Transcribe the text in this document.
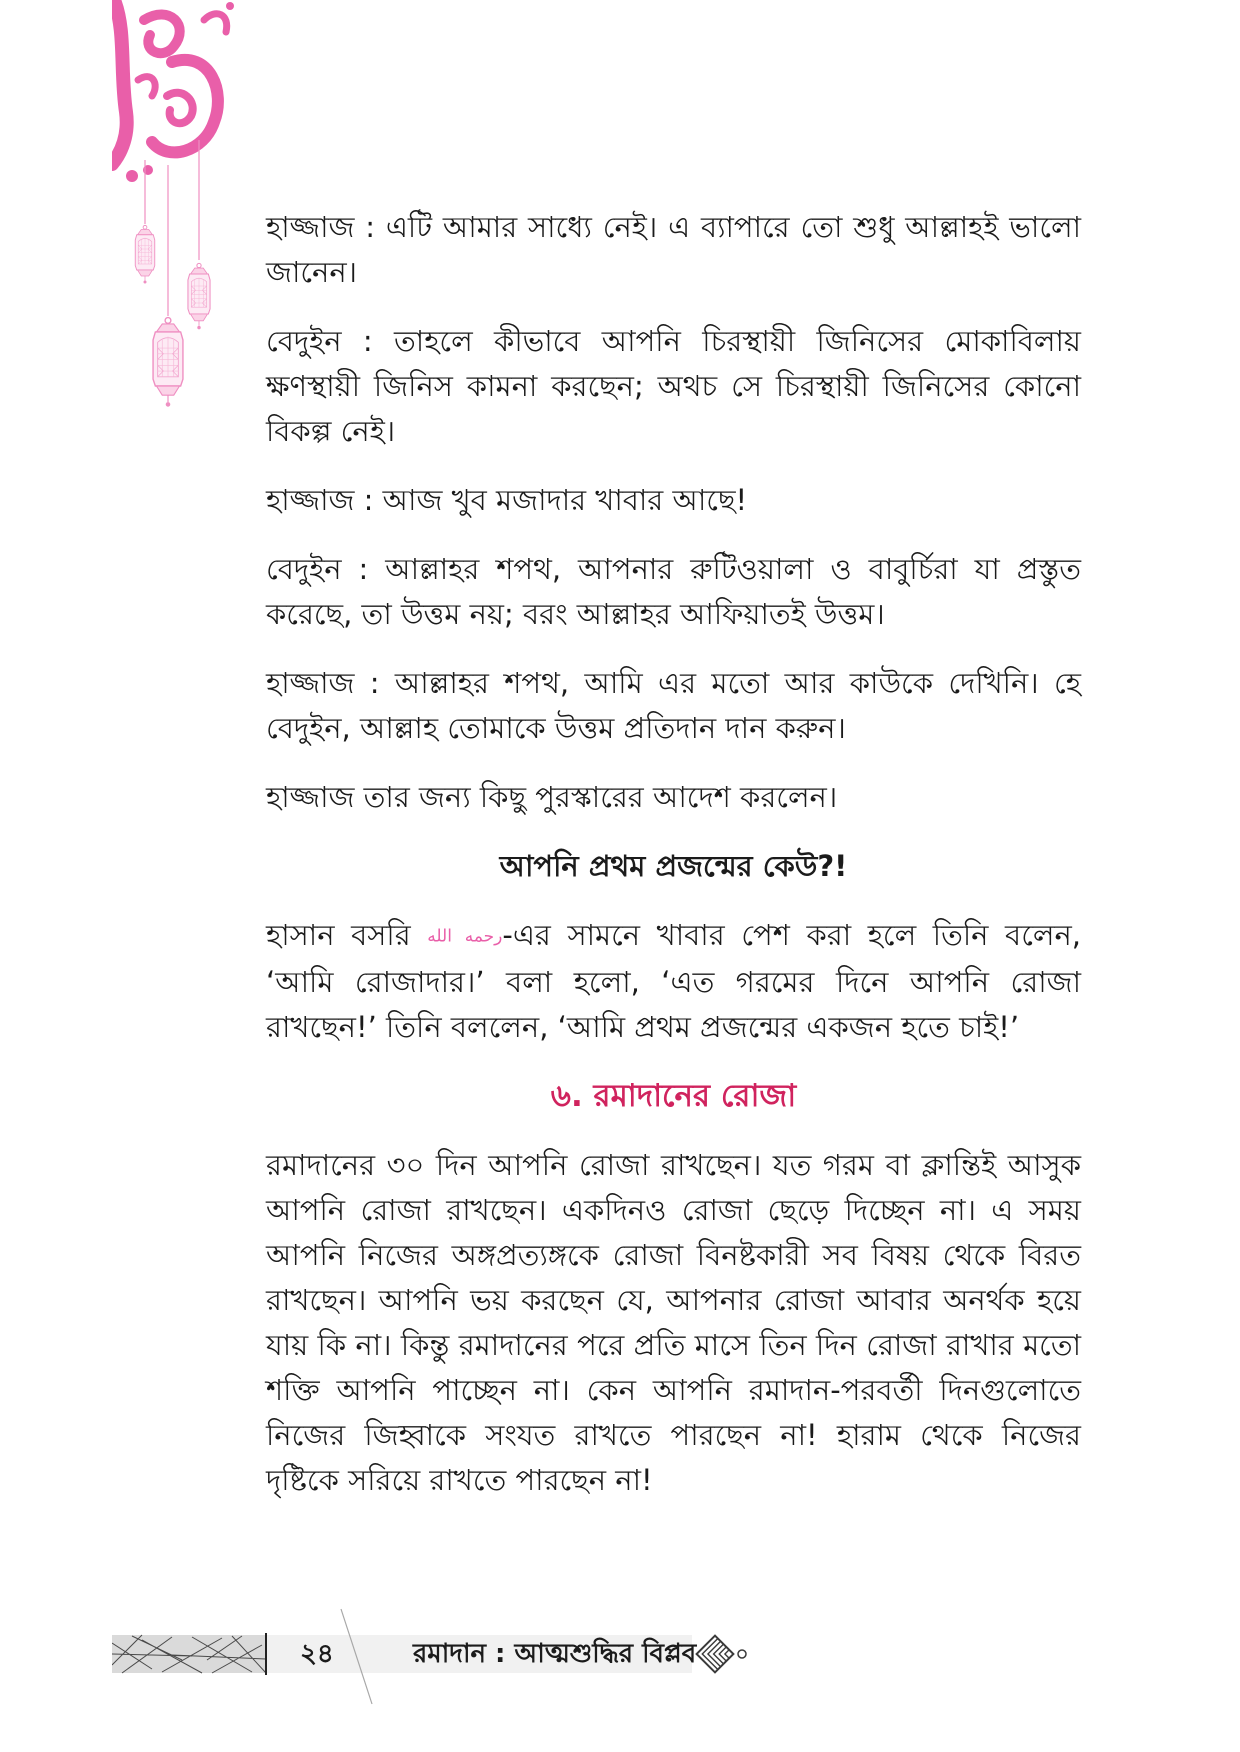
হাজ্জাজ : এটি আমার সাধ্যে নেই। এ ব্যাপারে তো শুধু আল্লাহই ভালো জানেন।

বেদুইন : তাহলে কীভাবে আপনি চিরস্থায়ী জিনিসের মোকাবিলায় ক্ষণস্থায়ী জিনিস কামনা করছেন; অথচ সে চিরস্থায়ী জিনিসের কোনো বিকল্প নেই।

হাজ্জাজ : আজ খুব মজাদার খাবার আছে!

বেদুইন : আল্লাহর শপথ, আপনার রুটিওয়ালা ও বাবুর্চিরা যা প্রস্তুত করেছে, তা উত্তম নয়; বরং আল্লাহর আফিয়াতই উত্তম।

হাজ্জাজ : আল্লাহর শপথ, আমি এর মতো আর কাউকে দেখিনি। হে বেদুইন, আল্লাহ তোমাকে উত্তম প্রতিদান দান করুন।

হাজ্জাজ তার জন্য কিছু পুরস্কারের আদেশ করলেন।

আপনি প্রথম প্রজন্মের কেউ?!

হাসান বসরি رحمه الله-এর সামনে খাবার পেশ করা হলে তিনি বলেন, ‘আমি রোজাদার।’ বলা হলো, ‘এত গরমের দিনে আপনি রোজা রাখছেন!’ তিনি বললেন, ‘আমি প্রথম প্রজন্মের একজন হতে চাই!’

৬. রমাদানের রোজা

রমাদানের ৩০ দিন আপনি রোজা রাখছেন। যত গরম বা ক্লান্তিই আসুক আপনি রোজা রাখছেন। একদিনও রোজা ছেড়ে দিচ্ছেন না। এ সময় আপনি নিজের অঙ্গপ্রত্যঙ্গকে রোজা বিনষ্টকারী সব বিষয় থেকে বিরত রাখছেন। আপনি ভয় করছেন যে, আপনার রোজা আবার অনর্থক হয়ে যায় কি না। কিন্তু রমাদানের পরে প্রতি মাসে তিন দিন রোজা রাখার মতো শক্তি আপনি পাচ্ছেন না। কেন আপনি রমাদান-পরবর্তী দিনগুলোতে নিজের জিহ্বাকে সংযত রাখতে পারছেন না! হারাম থেকে নিজের দৃষ্টিকে সরিয়ে রাখতে পারছেন না!

২৪	রমাদান : আত্মশুদ্ধির বিপ্লব
